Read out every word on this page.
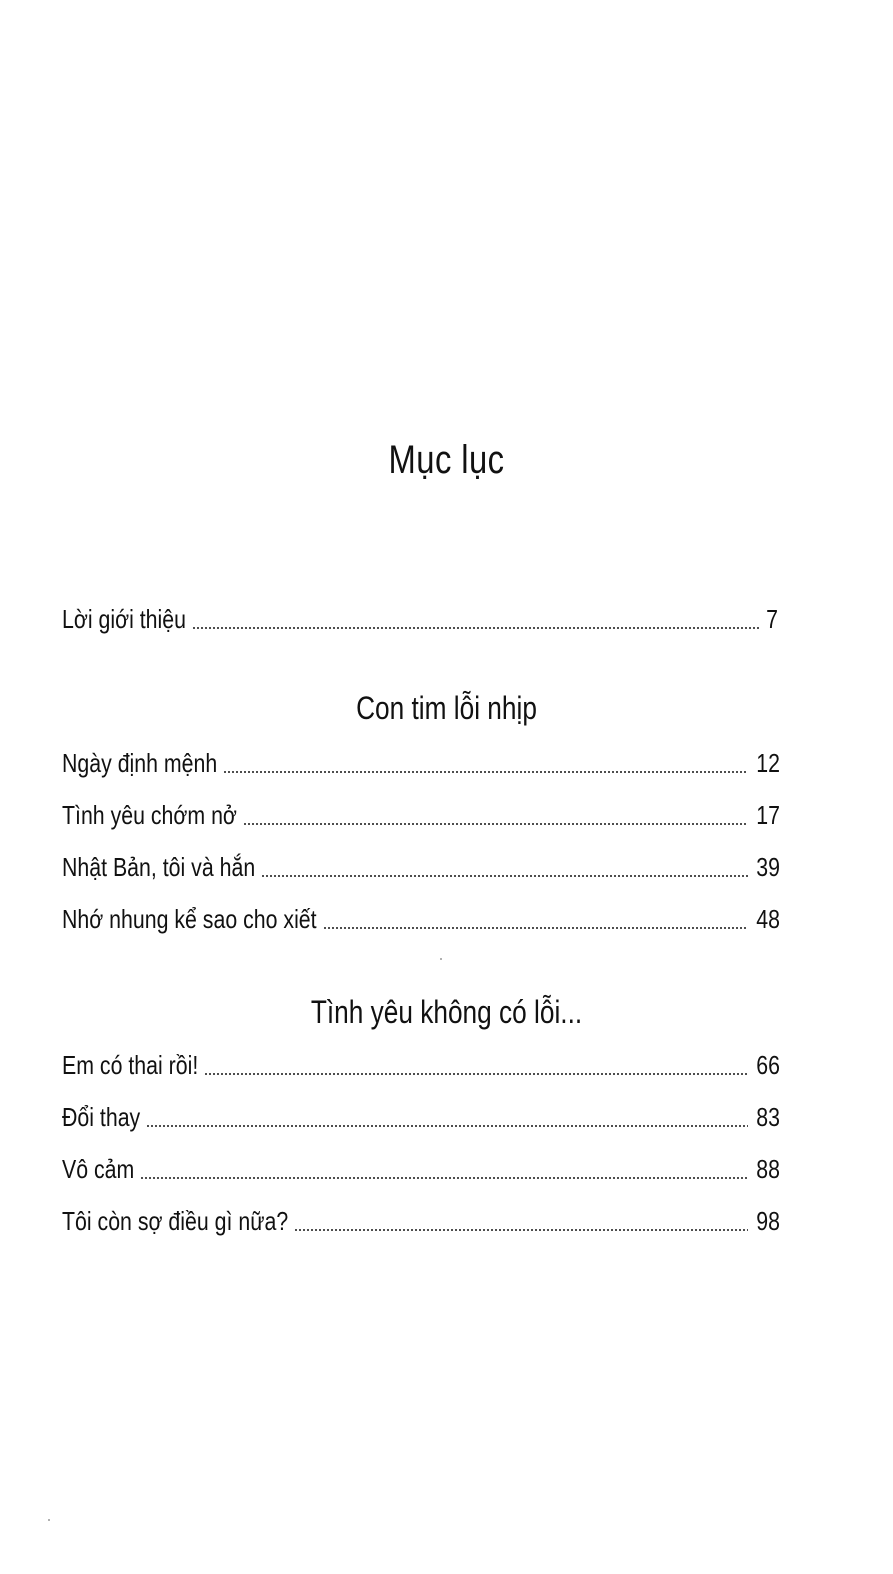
Mục lục
Lời giới thiệu	7
Con tim lỗi nhịp
Ngày định mệnh	12
Tình yêu chớm nở	17
Nhật Bản, tôi và hắn	39
Nhớ nhung kể sao cho xiết	48
Tình yêu không có lỗi...
Em có thai rồi!	66
Đổi thay	83
Vô cảm	88
Tôi còn sợ điều gì nữa?	98
